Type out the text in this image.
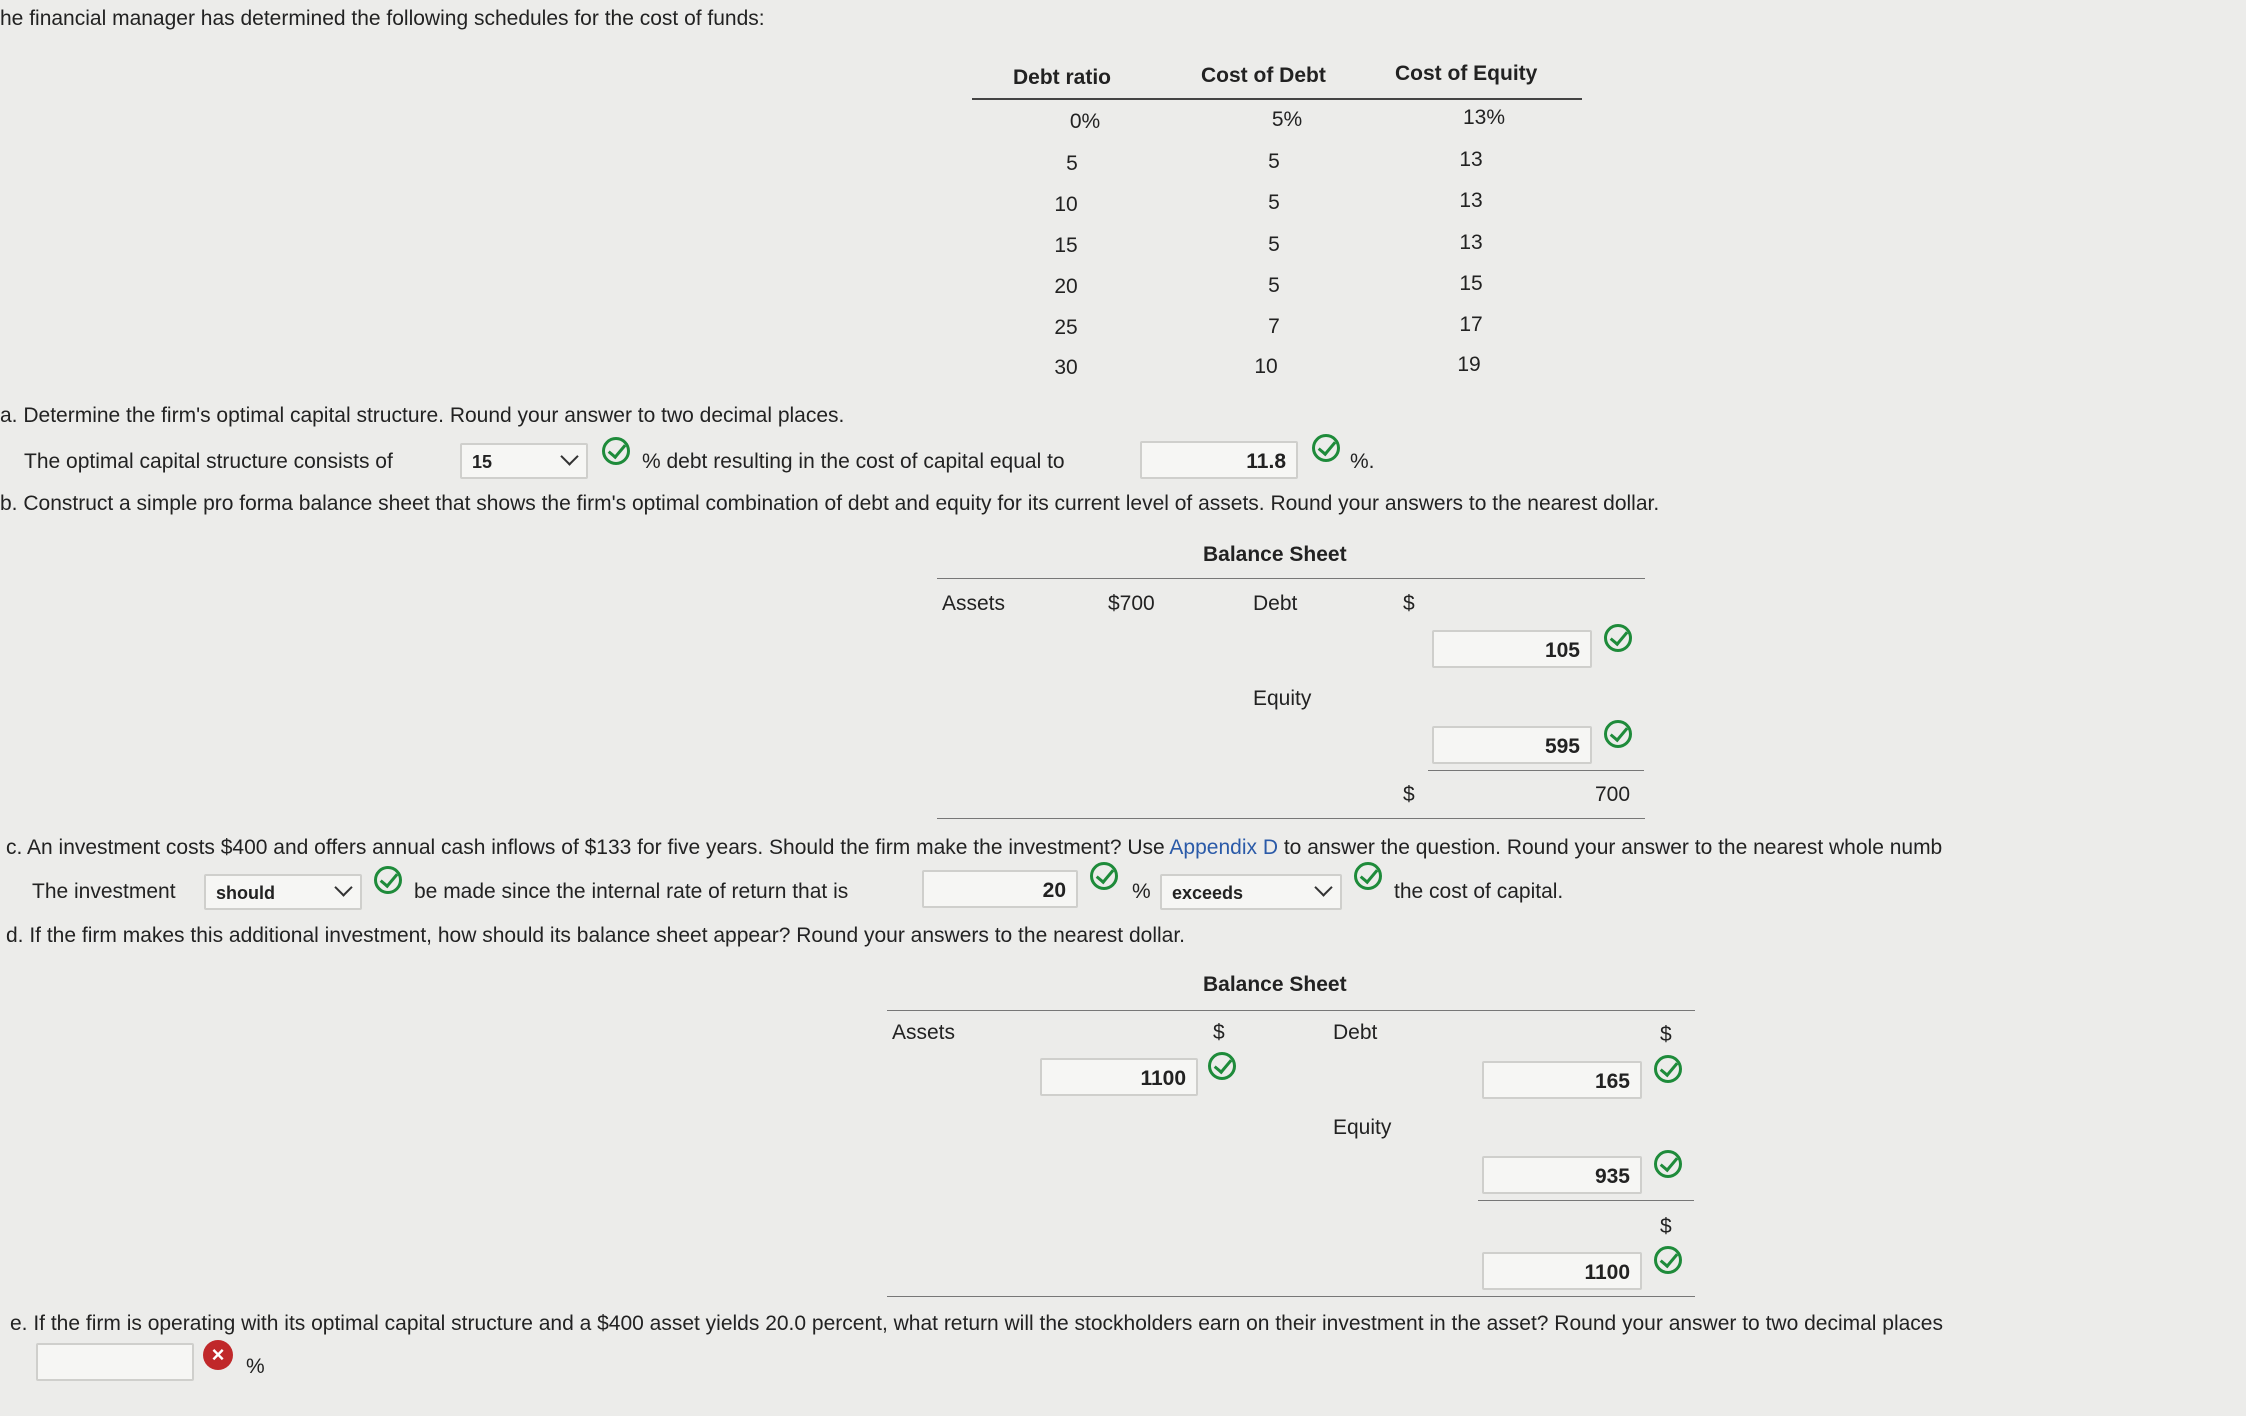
he financial manager has determined the following schedules for the cost of funds:
Debt ratio	Cost of Debt	Cost of Equity
0%	5%	13%
5	5	13
10	5	13
15	5	13
20	5	15
25	7	17
30	10	19
a. Determine the firm's optimal capital structure. Round your answer to two decimal places.
The optimal capital structure consists of	15	% debt resulting in the cost of capital equal to	11.8	%.
b. Construct a simple pro forma balance sheet that shows the firm's optimal combination of debt and equity for its current level of assets. Round your answers to the nearest dollar.
Balance Sheet
Assets	$700	Debt	$
105
Equity
595
$	700
c. An investment costs $400 and offers annual cash inflows of $133 for five years. Should the firm make the investment? Use Appendix D to answer the question. Round your answer to the nearest whole numb
The investment	should	be made since the internal rate of return that is	20	%	exceeds	the cost of capital.
d. If the firm makes this additional investment, how should its balance sheet appear? Round your answers to the nearest dollar.
Balance Sheet
Assets	$
1100
Debt	$
165
Equity
935
$
1100
e. If the firm is operating with its optimal capital structure and a $400 asset yields 20.0 percent, what return will the stockholders earn on their investment in the asset? Round your answer to two decimal places
×	%
